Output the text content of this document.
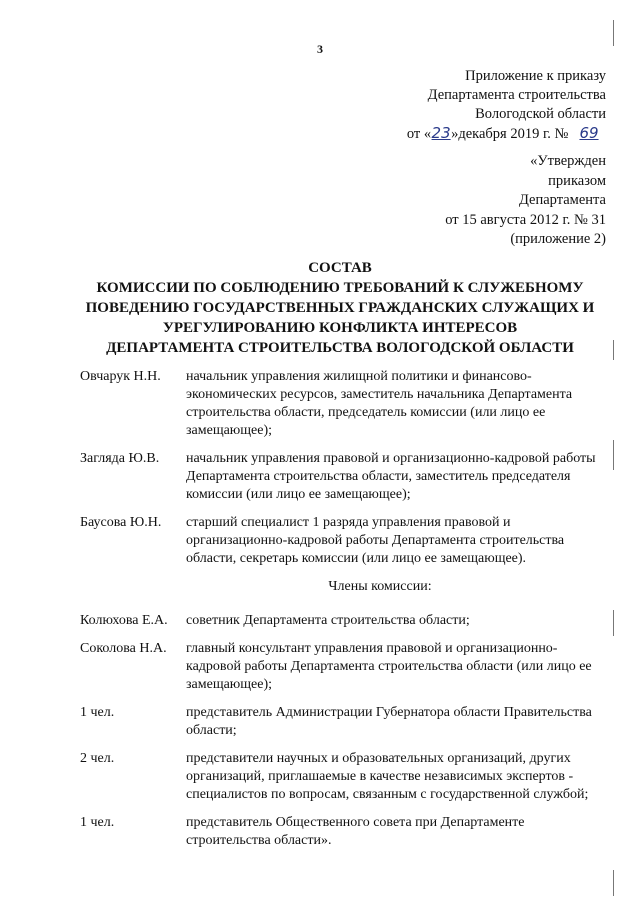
3
Приложение к приказу
Департамента строительства
Вологодской области
от «23»декабря 2019 г. № 69
«Утвержден
приказом
Департамента
от 15 августа 2012 г. № 31
(приложение 2)
СОСТАВ
КОМИССИИ ПО СОБЛЮДЕНИЮ ТРЕБОВАНИЙ К СЛУЖЕБНОМУ
ПОВЕДЕНИЮ ГОСУДАРСТВЕННЫХ ГРАЖДАНСКИХ СЛУЖАЩИХ И
УРЕГУЛИРОВАНИЮ КОНФЛИКТА ИНТЕРЕСОВ
ДЕПАРТАМЕНТА СТРОИТЕЛЬСТВА ВОЛОГОДСКОЙ ОБЛАСТИ
Овчарук Н.Н.	начальник управления жилищной политики и финансово-экономических ресурсов, заместитель начальника Департамента строительства области, председатель комиссии (или лицо ее замещающее);
Загляда Ю.В.	начальник управления правовой и организационно-кадровой работы Департамента строительства области, заместитель председателя комиссии (или лицо ее замещающее);
Баусова Ю.Н.	старший специалист 1 разряда управления правовой и организационно-кадровой работы Департамента строительства области, секретарь комиссии (или лицо ее замещающее).
Члены комиссии:
Колюхова Е.А.	советник Департамента строительства области;
Соколова Н.А.	главный консультант управления правовой и организационно-кадровой работы Департамента строительства области (или лицо ее замещающее);
1 чел.	представитель Администрации Губернатора области Правительства области;
2 чел.	представители научных и образовательных организаций, других организаций, приглашаемые в качестве независимых экспертов - специалистов по вопросам, связанным с государственной службой;
1 чел.	представитель Общественного совета при Департаменте строительства области».
